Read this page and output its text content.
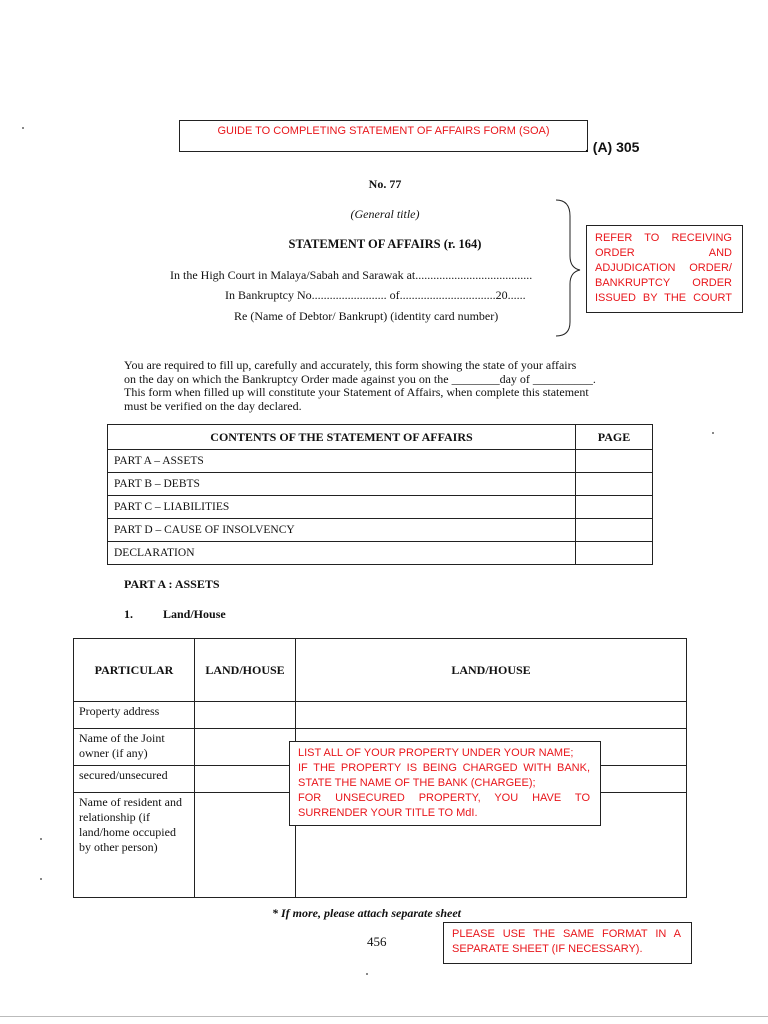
GUIDE TO COMPLETING STATEMENT OF AFFAIRS FORM (SOA)
. (A) 305
No. 77
(General title)
STATEMENT OF AFFAIRS (r. 164)
In the High Court in Malaya/Sabah and Sarawak at.......................................
In Bankruptcy No......................... of................................20......
Re (Name of Debtor/ Bankrupt) (identity card number)
REFER TO RECEIVING ORDER AND ADJUDICATION ORDER/ BANKRUPTCY ORDER ISSUED BY THE COURT
You are required to fill up, carefully and accurately, this form showing the state of your affairs
on the day on which the Bankruptcy Order made against you on the ________day of __________.
This form when filled up will constitute your Statement of Affairs, when complete this statement
must be verified on the day declared.
CONTENTS OF THE STATEMENT OF AFFAIRS	PAGE
PART A – ASSETS	
PART B – DEBTS	
PART C – LIABILITIES	
PART D – CAUSE OF INSOLVENCY	
DECLARATION	
PART A : ASSETS
1.	Land/House
PARTICULAR	LAND/HOUSE	LAND/HOUSE
Property address		
Name of the Joint owner (if any)		
secured/unsecured		
Name of resident and relationship (if land/home occupied by other person)		
LIST ALL OF YOUR PROPERTY UNDER YOUR NAME;
IF THE PROPERTY IS BEING CHARGED WITH BANK, STATE THE NAME OF THE BANK (CHARGEE);
FOR UNSECURED PROPERTY, YOU HAVE TO SURRENDER YOUR TITLE TO MdI.
* If more, please attach separate sheet
456	PLEASE USE THE SAME FORMAT IN A SEPARATE SHEET (IF NECESSARY).
